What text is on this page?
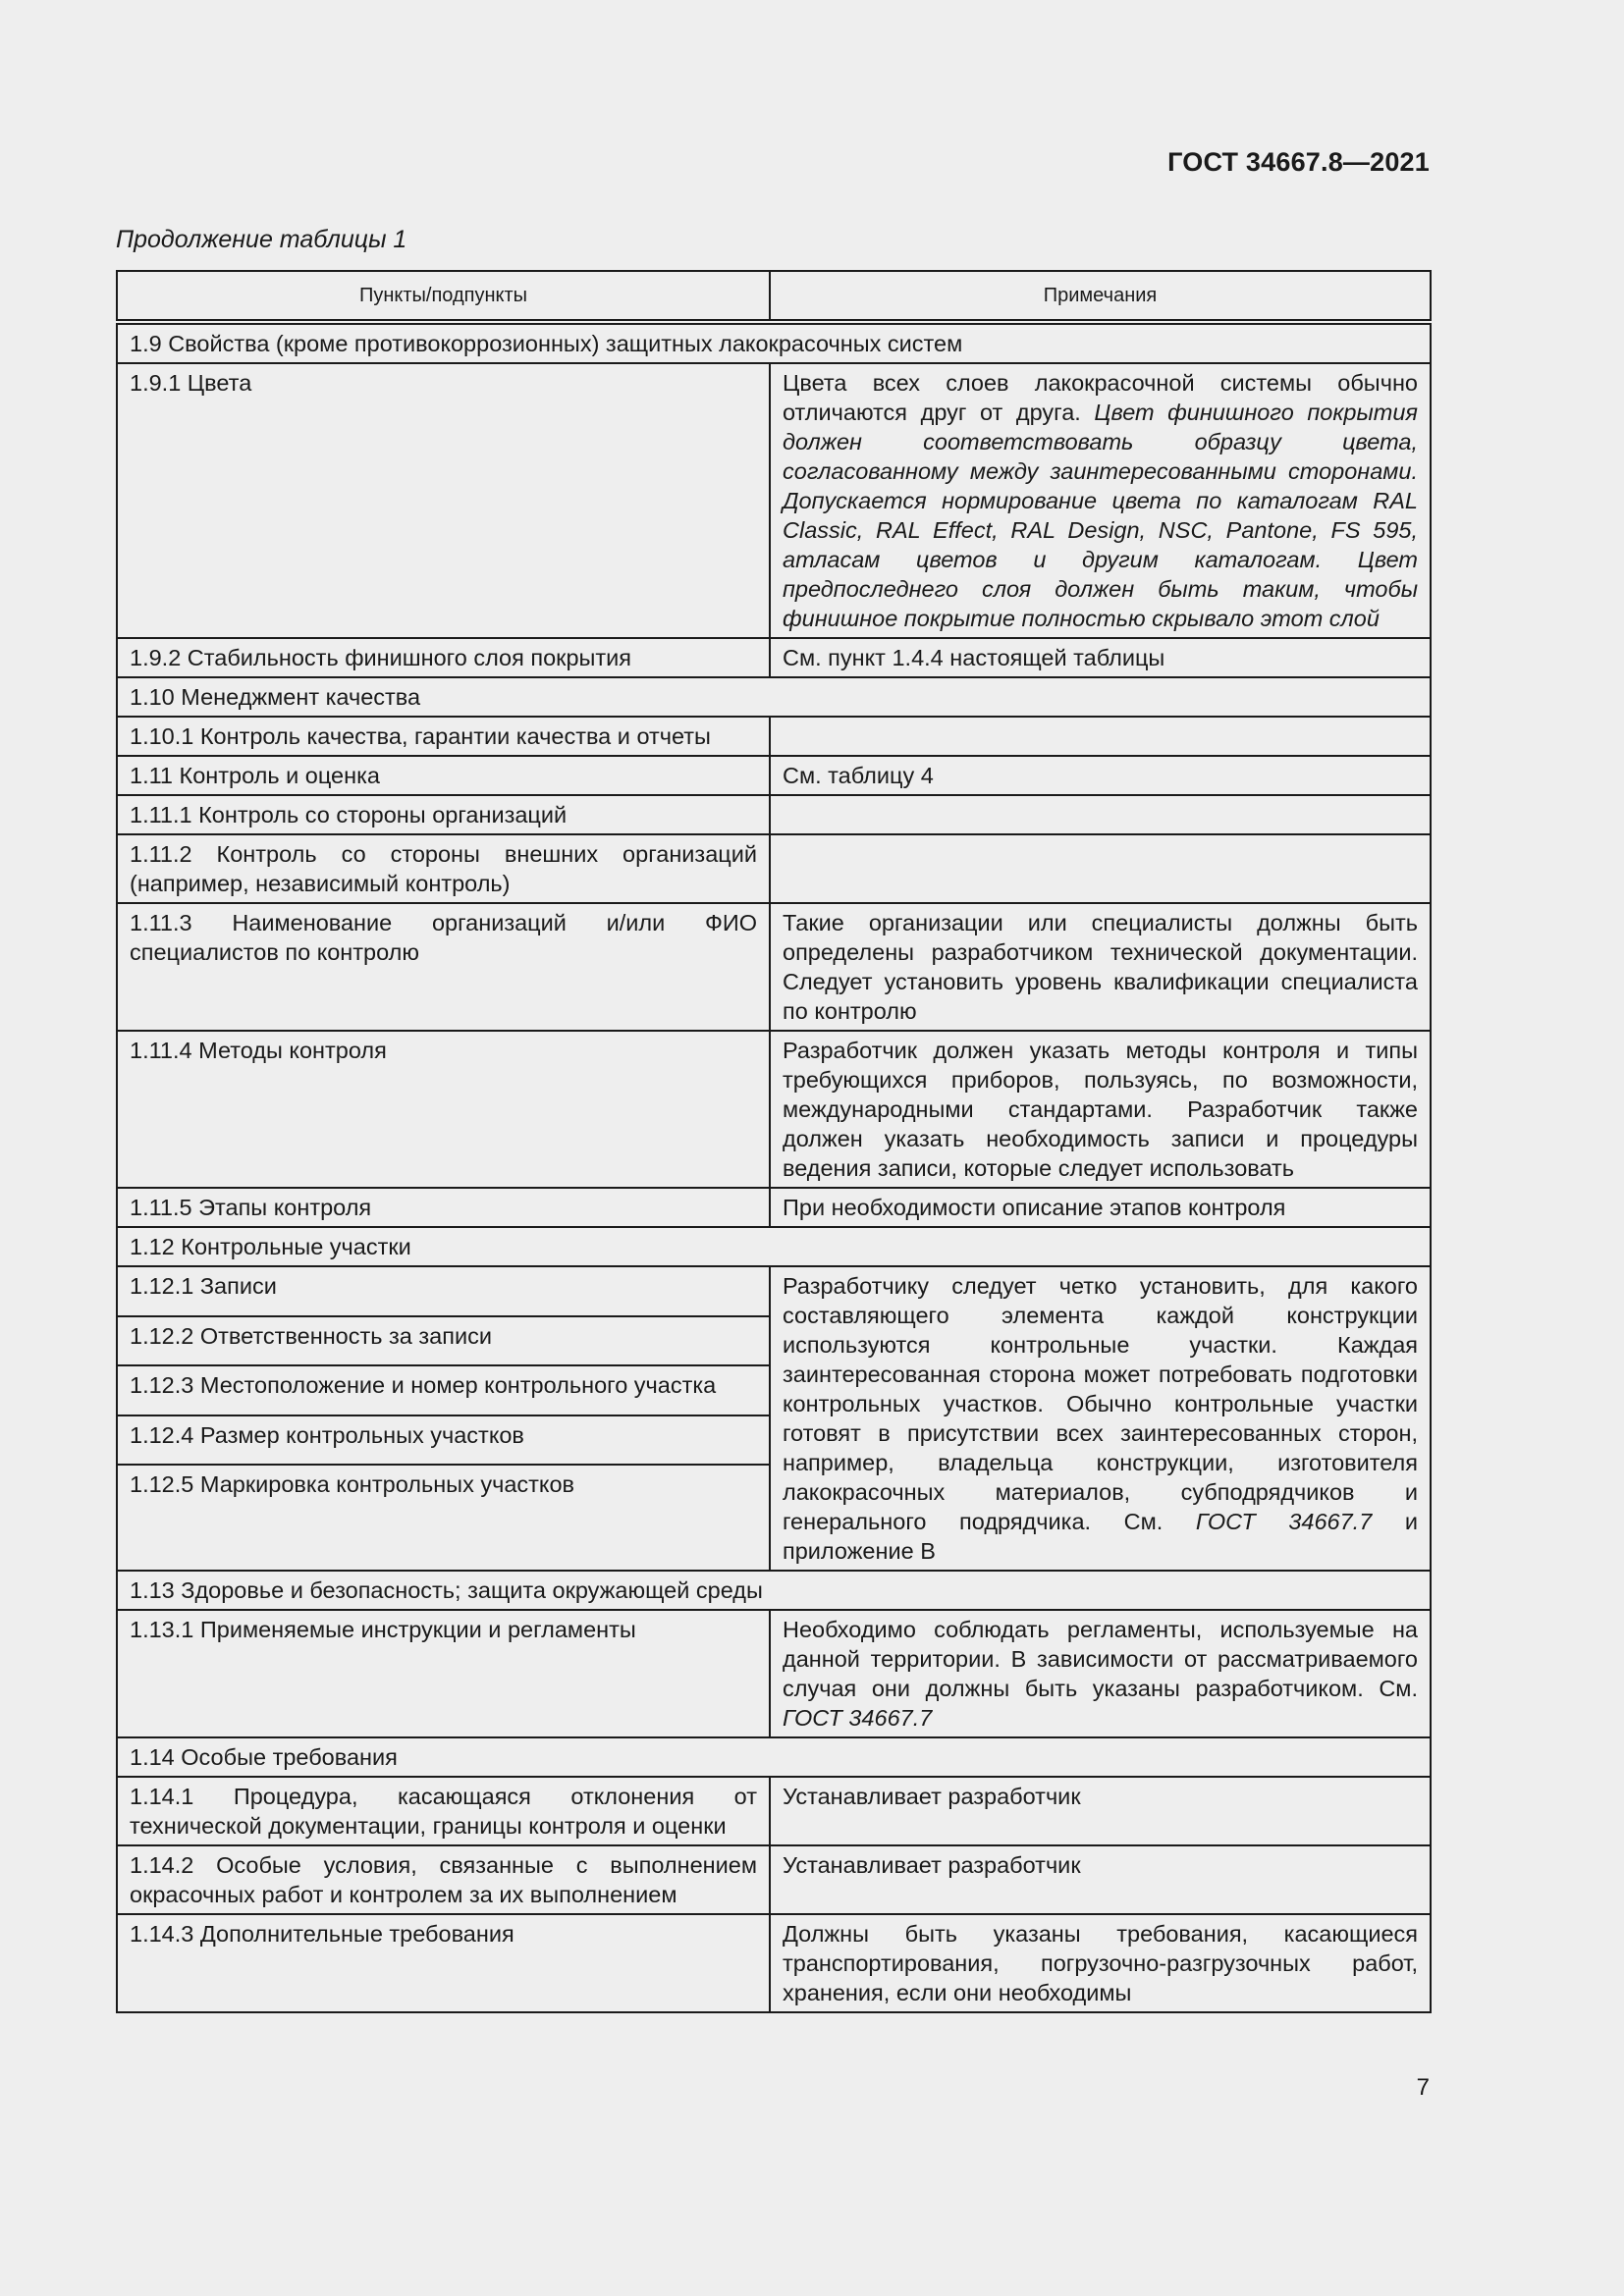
ГОСТ 34667.8—2021
Продолжение таблицы 1
Пункты/подпункты	Примечания
1.9 Свойства (кроме противокоррозионных) защитных лакокрасочных систем	
1.9.1 Цвета	Цвета всех слоев лакокрасочной системы обычно отличаются друг от друга. Цвет финишного покрытия должен соответствовать образцу цвета, согласованному между заинтересованными сторонами. Допускается нормирование цвета по каталогам RAL Classic, RAL Effect, RAL Design, NSC, Pantone, FS 595, атласам цветов и другим каталогам. Цвет предпоследнего слоя должен быть таким, чтобы финишное покрытие полностью скрывало этот слой
1.9.2 Стабильность финишного слоя покрытия	См. пункт 1.4.4 настоящей таблицы
1.10 Менеджмент качества	
1.10.1 Контроль качества, гарантии качества и отчеты	
1.11 Контроль и оценка	См. таблицу 4
1.11.1 Контроль со стороны организаций	
1.11.2 Контроль со стороны внешних организаций (например, независимый контроль)	
1.11.3 Наименование организаций и/или ФИО специалистов по контролю	Такие организации или специалисты должны быть определены разработчиком технической документации. Следует установить уровень квалификации специалиста по контролю
1.11.4 Методы контроля	Разработчик должен указать методы контроля и типы требующихся приборов, пользуясь, по возможности, международными стандартами. Разработчик также должен указать необходимость записи и процедуры ведения записи, которые следует использовать
1.11.5 Этапы контроля	При необходимости описание этапов контроля
1.12 Контрольные участки	
1.12.1 Записи	Разработчику следует четко установить, для какого составляющего элемента каждой конструкции используются контрольные участки. Каждая заинтересованная сторона может потребовать подготовки контрольных участков. Обычно контрольные участки готовят в присутствии всех заинтересованных сторон, например, владельца конструкции, изготовителя лакокрасочных материалов, субподрядчиков и генерального подрядчика. См. ГОСТ 34667.7 и приложение В
1.12.2 Ответственность за записи	
1.12.3 Местоположение и номер контрольного участка	
1.12.4 Размер контрольных участков	
1.12.5 Маркировка контрольных участков	
1.13 Здоровье и безопасность; защита окружающей среды	
1.13.1 Применяемые инструкции и регламенты	Необходимо соблюдать регламенты, используемые на данной территории. В зависимости от рассматриваемого случая они должны быть указаны разработчиком. См. ГОСТ 34667.7
1.14 Особые требования	
1.14.1 Процедура, касающаяся отклонения от технической документации, границы контроля и оценки	Устанавливает разработчик
1.14.2 Особые условия, связанные с выполнением окрасочных работ и контролем за их выполнением	Устанавливает разработчик
1.14.3 Дополнительные требования	Должны быть указаны требования, касающиеся транспортирования, погрузочно-разгрузочных работ, хранения, если они необходимы
7
